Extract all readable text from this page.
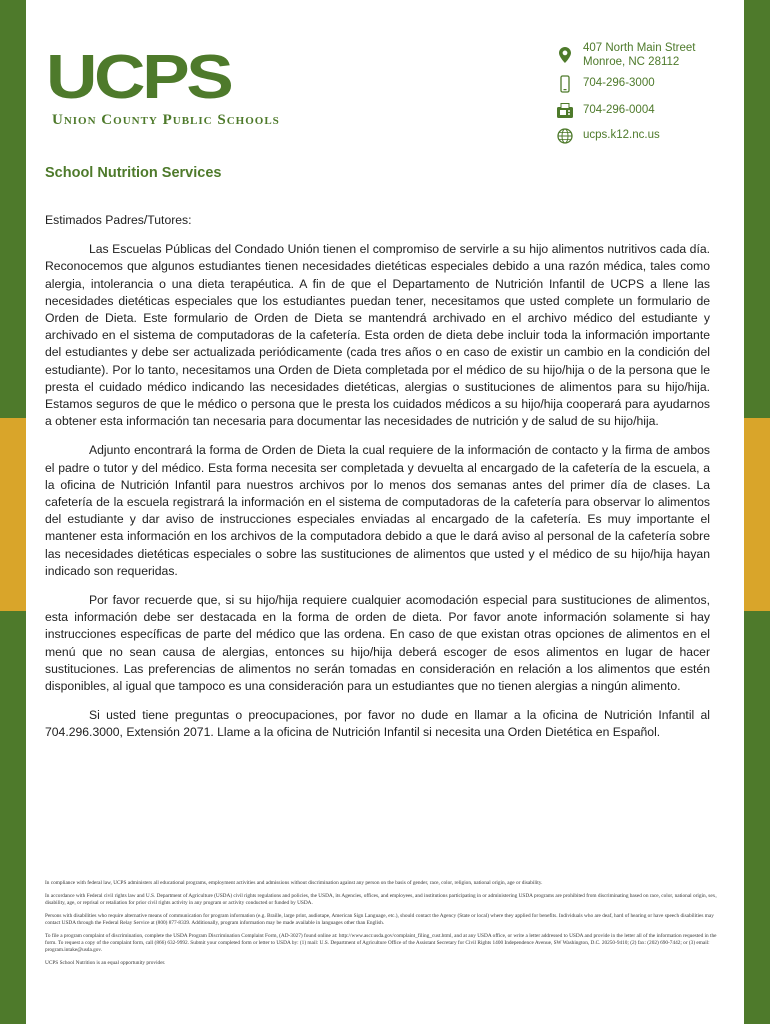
UCPS
Union County Public Schools
407 North Main Street
Monroe, NC 28112
704-296-3000
704-296-0004
ucps.k12.nc.us
School Nutrition Services

Estimados Padres/Tutores:

Las Escuelas Públicas del Condado Unión tienen el compromiso de servirle a su hijo alimentos nutritivos cada día. Reconocemos que algunos estudiantes tienen necesidades dietéticas especiales debido a una razón médica, tales como alergia, intolerancia o una dieta terapéutica. A fin de que el Departamento de Nutrición Infantil de UCPS a llene las necesidades dietéticas especiales que los estudiantes puedan tener, necesitamos que usted complete un formulario de Orden de Dieta. Este formulario de Orden de Dieta se mantendrá archivado en el archivo médico del estudiante y archivado en el sistema de computadoras de la cafetería. Esta orden de dieta debe incluir toda la información importante del estudiantes y debe ser actualizada periódicamente (cada tres años o en caso de existir un cambio en la condición del estudiante). Por lo tanto, necesitamos una Orden de Dieta completada por el médico de su hijo/hija o de la persona que le presta el cuidado médico indicando las necesidades dietéticas, alergias o sustituciones de alimentos para su hijo/hija. Estamos seguros de que le médico o persona que le presta los cuidados médicos a su hijo/hija cooperará para ayudarnos a obtener esta información tan necesaria para documentar las necesidades de nutrición y de salud de su hijo/hija.

Adjunto encontrará la forma de Orden de Dieta la cual requiere de la información de contacto y la firma de ambos el padre o tutor y del médico. Esta forma necesita ser completada y devuelta al encargado de la cafetería de la escuela, a la oficina de Nutrición Infantil para nuestros archivos por lo menos dos semanas antes del primer día de clases. La cafetería de la escuela registrará la información en el sistema de computadoras de la cafetería para observar lo alimentos del estudiante y dar aviso de instrucciones especiales enviadas al encargado de la cafetería. Es muy importante el mantener esta información en los archivos de la computadora debido a que le dará aviso al personal de la cafetería sobre las necesidades dietéticas especiales o sobre las sustituciones de alimentos que usted y el médico de su hijo/hija hayan indicado son requeridas.

Por favor recuerde que, si su hijo/hija requiere cualquier acomodación especial para sustituciones de alimentos, esta información debe ser destacada en la forma de orden de dieta. Por favor anote información solamente si hay instrucciones específicas de parte del médico que las ordena. En caso de que existan otras opciones de alimentos en el menú que no sean causa de alergias, entonces su hijo/hija deberá escoger de esos alimentos en lugar de hacer sustituciones. Las preferencias de alimentos no serán tomadas en consideración en relación a los alimentos que estén disponibles, al igual que tampoco es una consideración para un estudiantes que no tienen alergias a ningún alimento.

Si usted tiene preguntas o preocupaciones, por favor no dude en llamar a la oficina de Nutrición Infantil al 704.296.3000, Extensión 2071. Llame a la oficina de Nutrición Infantil si necesita una Orden Dietética en Español.

In compliance with federal law, UCPS administers all educational programs, employment activities and admissions without discrimination against any person on the basis of gender, race, color, religion, national origin, age or disability.

In accordance with Federal civil rights law and U.S. Department of Agriculture (USDA) civil rights regulations and policies, the USDA, its Agencies, offices, and employees, and institutions participating in or administering USDA programs are prohibited from discriminating based on race, color, national origin, sex, disability, age, or reprisal or retaliation for prior civil rights activity in any program or activity conducted or funded by USDA.

Persons with disabilities who require alternative means of communication for program information (e.g. Braille, large print, audiotape, American Sign Language, etc.), should contact the Agency (State or local) where they applied for benefits. Individuals who are deaf, hard of hearing or have speech disabilities may contact USDA through the Federal Relay Service at (800) 877-8339. Additionally, program information may be made available in languages other than English.

To file a program complaint of discrimination, complete the USDA Program Discrimination Complaint Form, (AD-3027) found online at: http://www.ascr.usda.gov/complaint_filing_cust.html, and at any USDA office, or write a letter addressed to USDA and provide in the letter all of the information requested in the form. To request a copy of the complaint form, call (866) 632-9992. Submit your completed form or letter to USDA by: (1) mail: U.S. Department of Agriculture Office of the Assistant Secretary for Civil Rights 1400 Independence Avenue, SW Washington, D.C. 20250-9410; (2) fax: (202) 690-7442; or (3) email: program.intake@usda.gov.

UCPS School Nutrition is an equal opportunity provider.
